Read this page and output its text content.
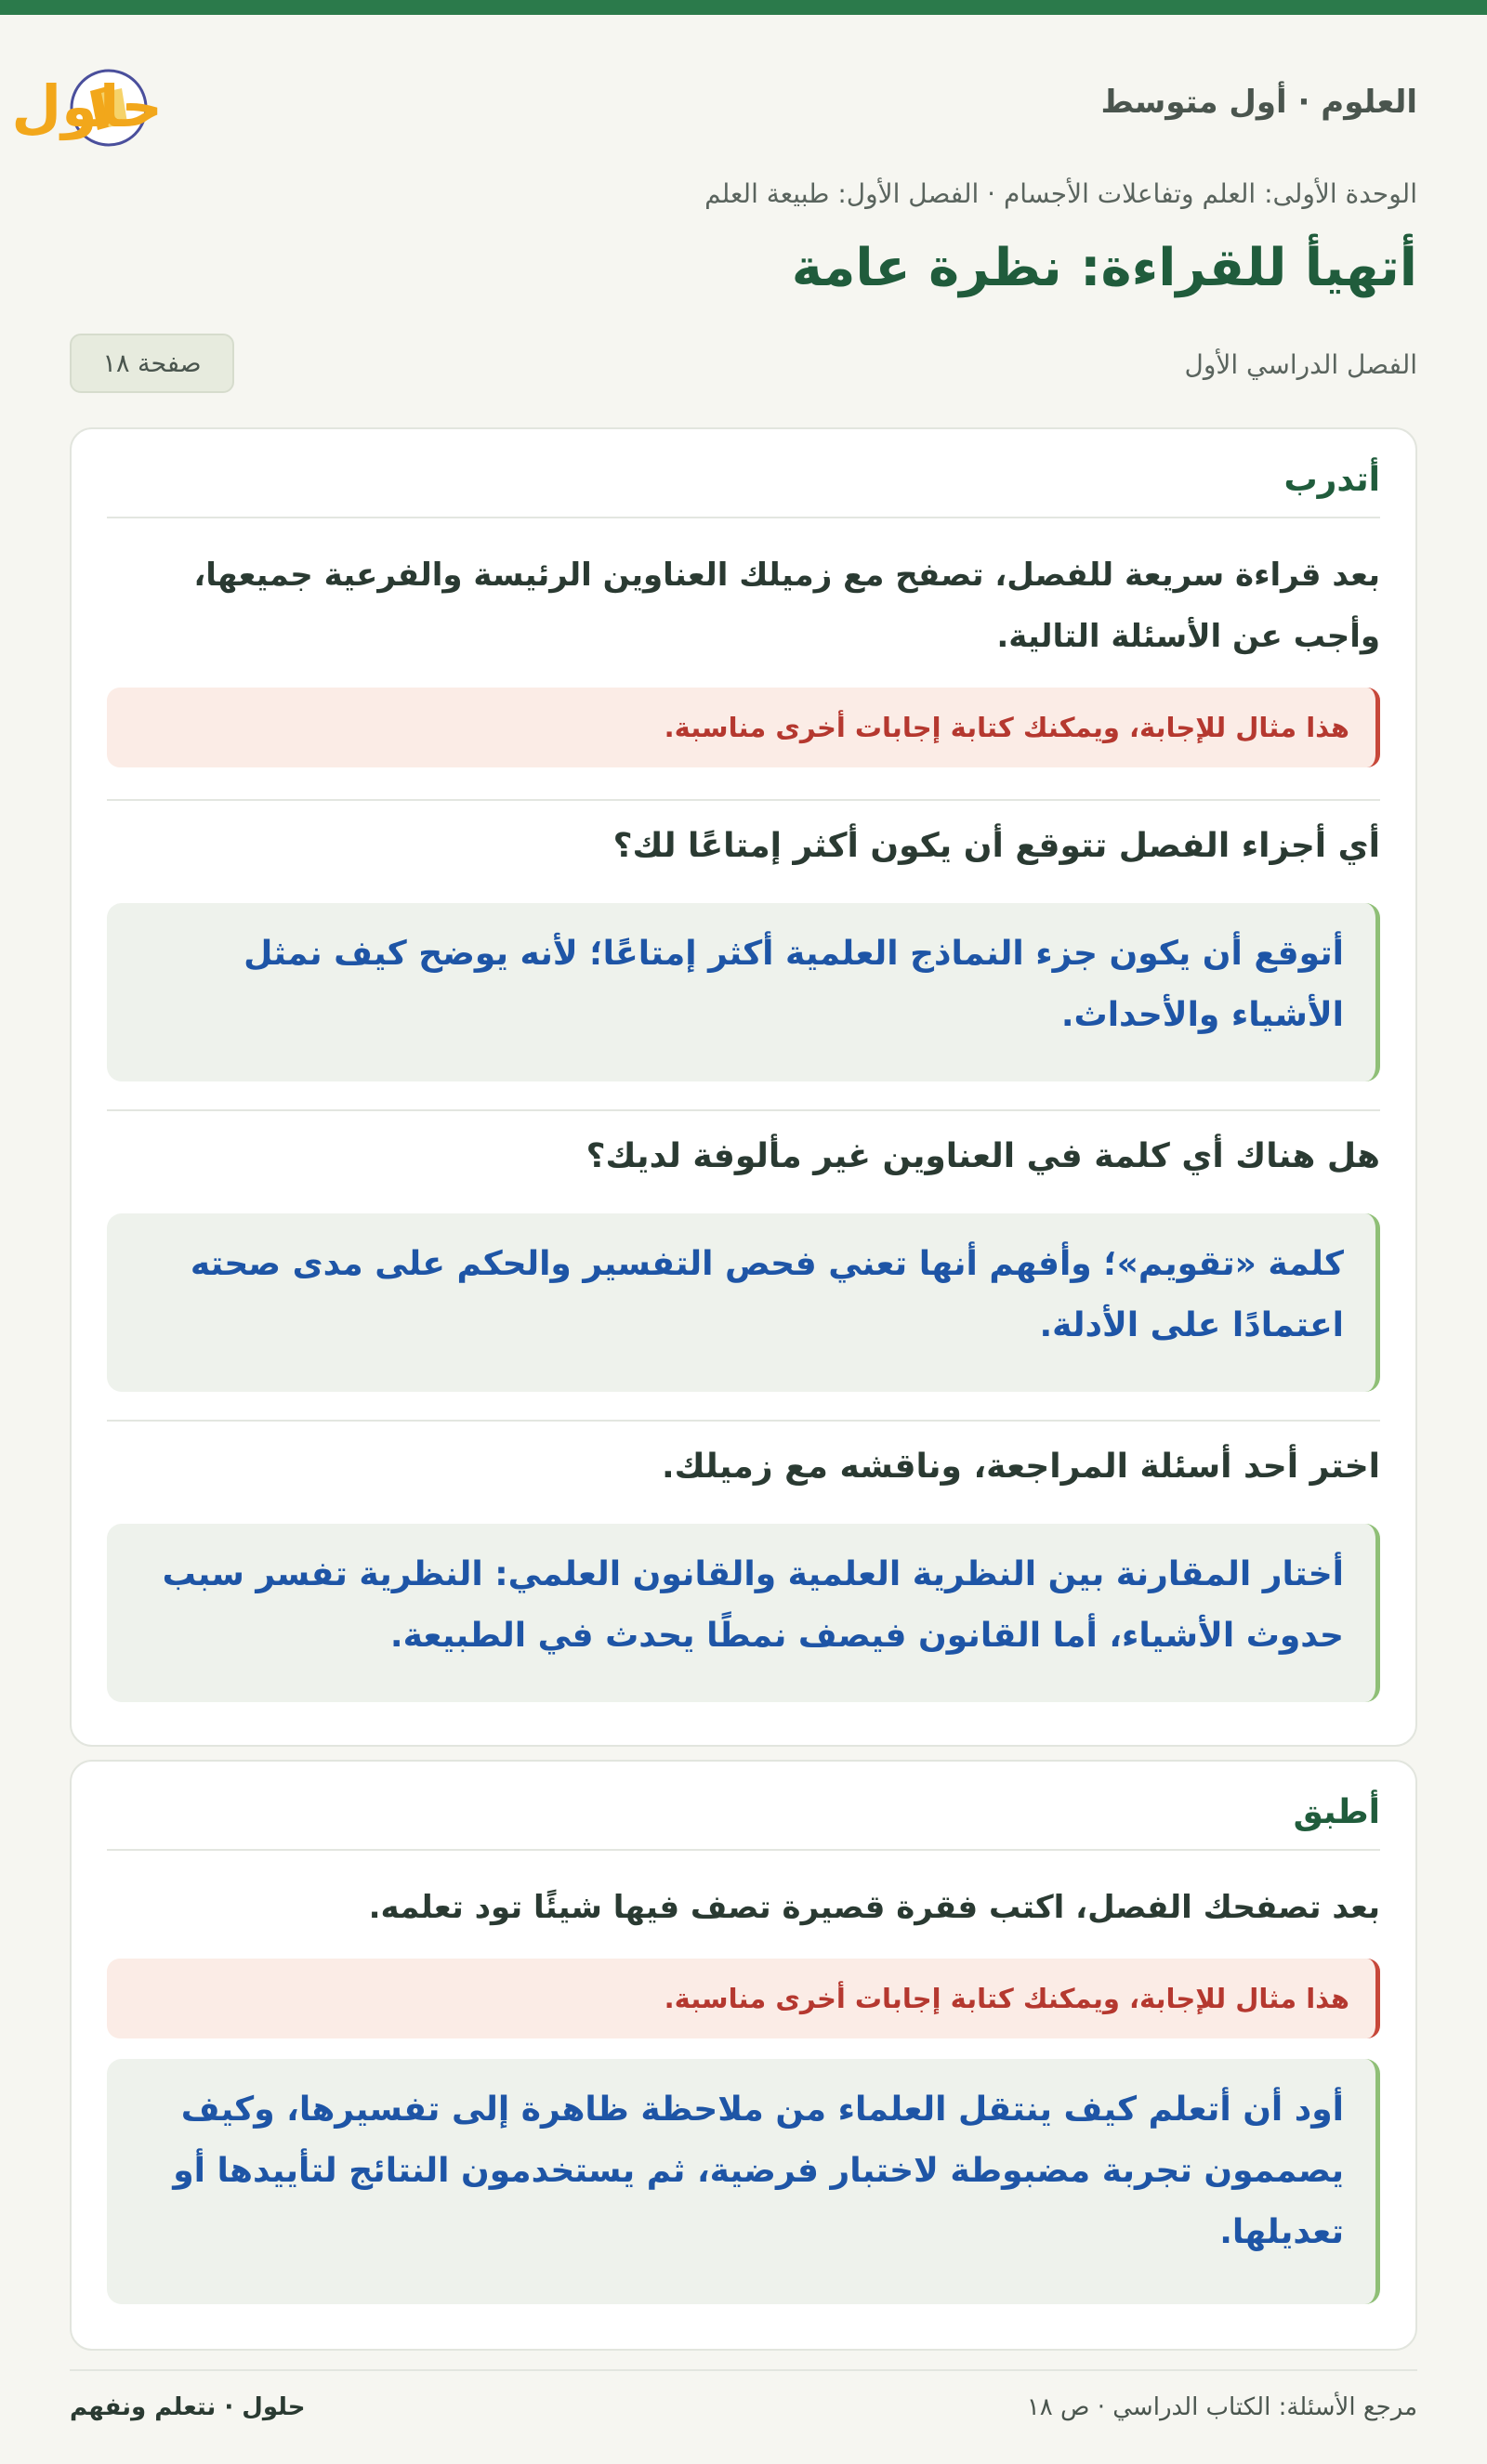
العلوم · أول متوسط
حلول
الوحدة الأولى: العلم وتفاعلات الأجسام · الفصل الأول: طبيعة العلم
أتهيأ للقراءة: نظرة عامة
الفصل الدراسي الأول
صفحة ١٨
أتدرب
بعد قراءة سريعة للفصل، تصفح مع زميلك العناوين الرئيسة والفرعية جميعها، وأجب عن الأسئلة التالية.
هذا مثال للإجابة، ويمكنك كتابة إجابات أخرى مناسبة.
أي أجزاء الفصل تتوقع أن يكون أكثر إمتاعًا لك؟
أتوقع أن يكون جزء النماذج العلمية أكثر إمتاعًا؛ لأنه يوضح كيف نمثل الأشياء والأحداث.
هل هناك أي كلمة في العناوين غير مألوفة لديك؟
كلمة «تقويم»؛ وأفهم أنها تعني فحص التفسير والحكم على مدى صحته اعتمادًا على الأدلة.
اختر أحد أسئلة المراجعة، وناقشه مع زميلك.
أختار المقارنة بين النظرية العلمية والقانون العلمي: النظرية تفسر سبب حدوث الأشياء، أما القانون فيصف نمطًا يحدث في الطبيعة.
أطبق
بعد تصفحك الفصل، اكتب فقرة قصيرة تصف فيها شيئًا تود تعلمه.
هذا مثال للإجابة، ويمكنك كتابة إجابات أخرى مناسبة.
أود أن أتعلم كيف ينتقل العلماء من ملاحظة ظاهرة إلى تفسيرها، وكيف يصممون تجربة مضبوطة لاختبار فرضية، ثم يستخدمون النتائج لتأييدها أو تعديلها.
مرجع الأسئلة: الكتاب الدراسي · ص ١٨
حلول · نتعلم ونفهم
